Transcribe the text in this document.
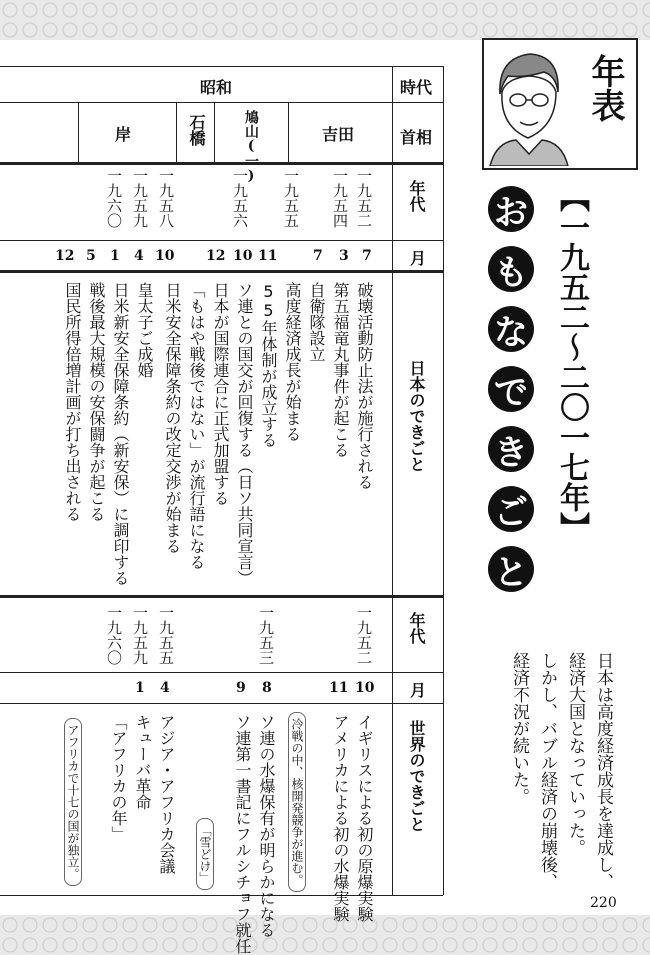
時代
首相
年代
月
日本のできごと
年代
月
世界のできごと
昭和
吉田
鳩山(一)
石橋
岸
一九五二
一九五四
一九五五
一九五六
一九五八
一九五九
一九六〇
7
3
7
11
10
12
10
4
1
5
12
破壊活動防止法が施行される
第五福竜丸事件が起こる
自衛隊設立
高度経済成長が始まる
55年体制が成立する
ソ連との国交が回復する（日ソ共同宣言）
日本が国際連合に正式加盟する
「もはや戦後ではない」が流行語になる
日米安全保障条約の改定交渉が始まる
皇太子ご成婚
日米新安全保障条約（新安保）に調印する
戦後最大規模の安保闘争が起こる
国民所得倍増計画が打ち出される
一九五二
一九五三
一九五五
一九五九
一九六〇
10
11
8
9
4
1
イギリスによる初の原爆実験
アメリカによる初の水爆実験
ソ連の水爆保有が明らかになる
ソ連第一書記にフルシチョフ就任
アジア・アフリカ会議
キューバ革命
「アフリカの年」	冷戦の中、核開発競争が進む。
「雪どけ」
アフリカで十七の国が独立。
年表
【一九五二〜二〇一七年】
お
も
な
で
き
ご
と
日本は高度経済成長を達成し、
経済大国となっていった。
しかし、バブル経済の崩壊後、
経済不況が続いた。
220
